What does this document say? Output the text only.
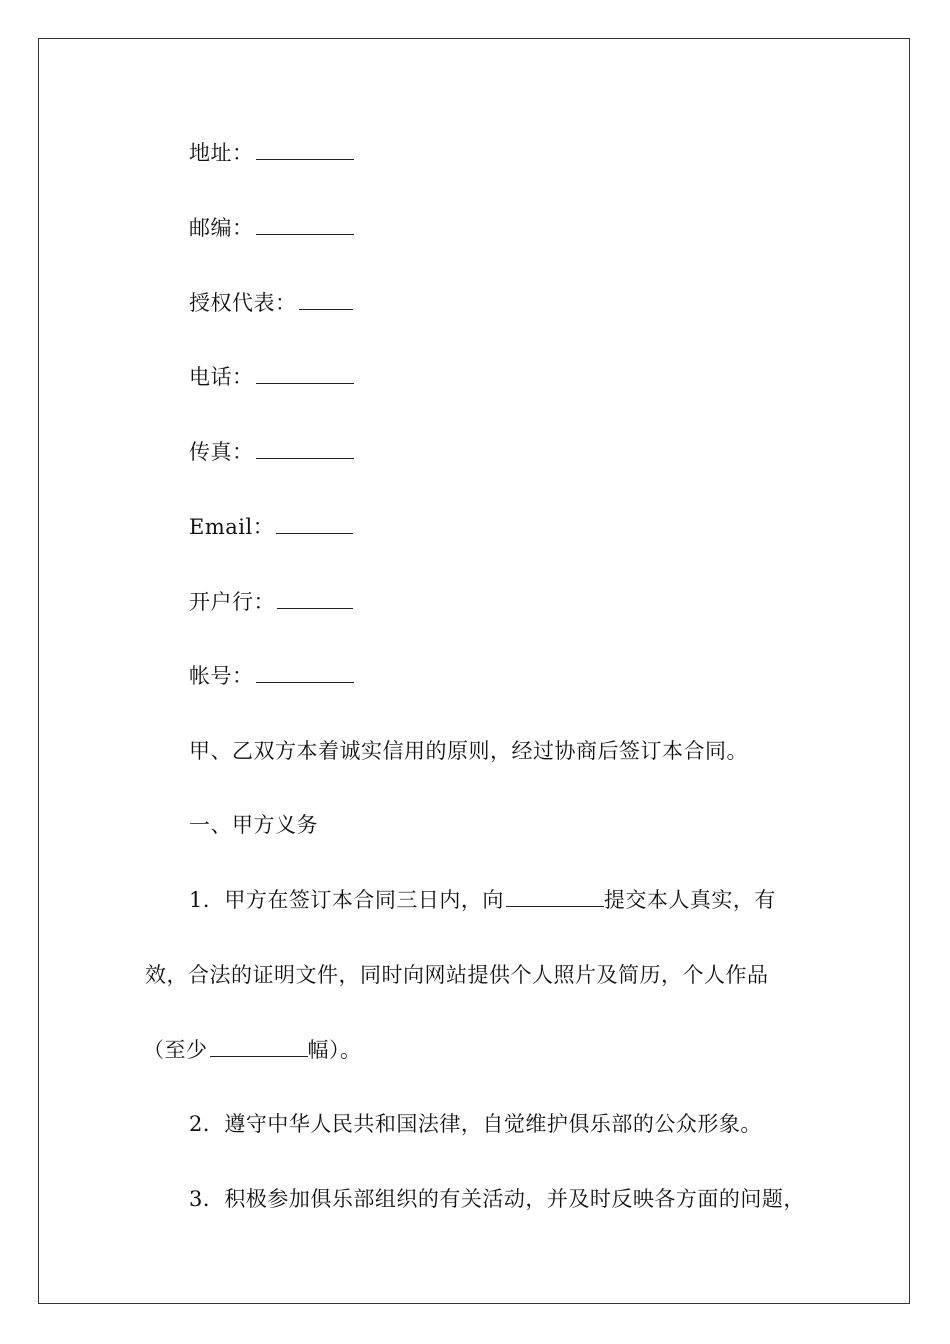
地址：
邮编：
授权代表：
电话：
传真：
Email：
开户行：
帐号：
甲、乙双方本着诚实信用的原则，经过协商后签订本合同。
一、甲方义务
1．甲方在签订本合同三日内，向	提交本人真实，有
效，合法的证明文件，同时向网站提供个人照片及简历，个人作品
（至少	幅）。
2．遵守中华人民共和国法律，自觉维护俱乐部的公众形象。
3．积极参加俱乐部组织的有关活动，并及时反映各方面的问题，
